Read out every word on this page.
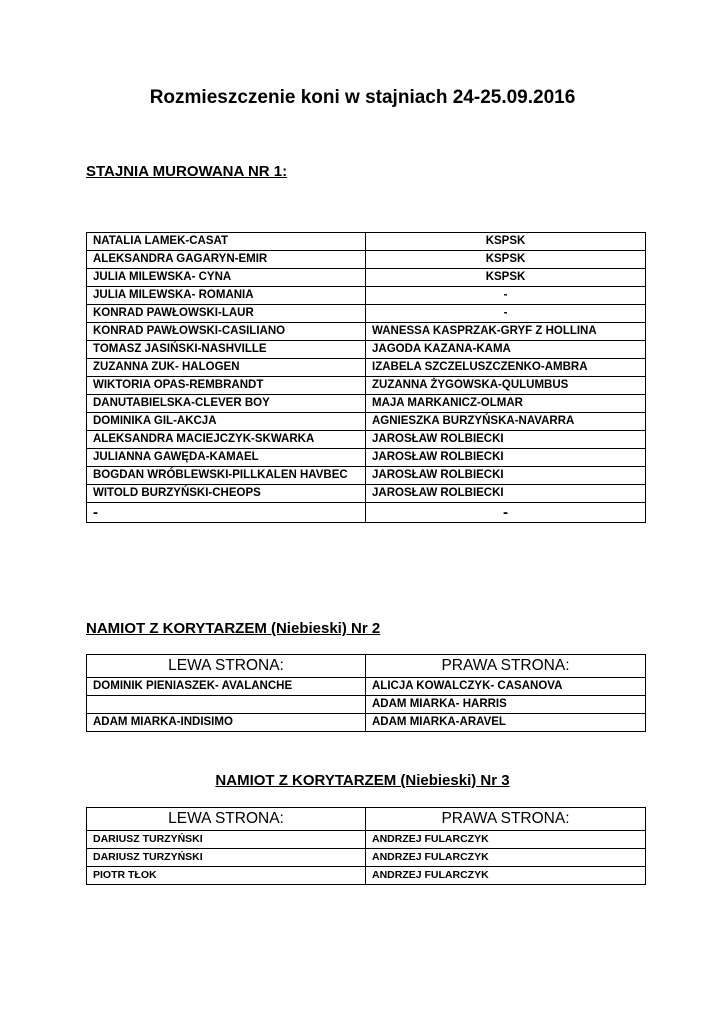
Rozmieszczenie koni w stajniach 24-25.09.2016
STAJNIA MUROWANA NR 1:
NATALIA LAMEK-CASAT	KSPSK
ALEKSANDRA GAGARYN-EMIR	KSPSK
JULIA MILEWSKA- CYNA	KSPSK
JULIA MILEWSKA- ROMANIA	-
KONRAD PAWŁOWSKI-LAUR	-
KONRAD PAWŁOWSKI-CASILIANO	WANESSA KASPRZAK-GRYF Z HOLLINA
TOMASZ JASIŃSKI-NASHVILLE	JAGODA KAZANA-KAMA
ZUZANNA ZUK- HALOGEN	IZABELA SZCZELUSZCZENKO-AMBRA
WIKTORIA OPAS-REMBRANDT	ZUZANNA ŻYGOWSKA-QULUMBUS
DANUTABIELSKA-CLEVER BOY	MAJA MARKANICZ-OLMAR
DOMINIKA GIL-AKCJA	AGNIESZKA BURZYŃSKA-NAVARRA
ALEKSANDRA MACIEJCZYK-SKWARKA	JAROSŁAW ROLBIECKI
JULIANNA GAWĘDA-KAMAEL	JAROSŁAW ROLBIECKI
BOGDAN WRÓBLEWSKI-PILLKALEN HAVBEC	JAROSŁAW ROLBIECKI
WITOLD BURZYŃSKI-CHEOPS	JAROSŁAW ROLBIECKI
-	-
NAMIOT Z KORYTARZEM (Niebieski) Nr 2
LEWA STRONA:	PRAWA STRONA:
DOMINIK PIENIASZEK- AVALANCHE	ALICJA KOWALCZYK- CASANOVA
	ADAM MIARKA- HARRIS
ADAM MIARKA-INDISIMO	ADAM MIARKA-ARAVEL
NAMIOT Z KORYTARZEM (Niebieski) Nr 3
LEWA STRONA:	PRAWA STRONA:
DARIUSZ TURZYŃSKI	ANDRZEJ FULARCZYK
DARIUSZ TURZYŃSKI	ANDRZEJ FULARCZYK
PIOTR TŁOK	ANDRZEJ FULARCZYK
